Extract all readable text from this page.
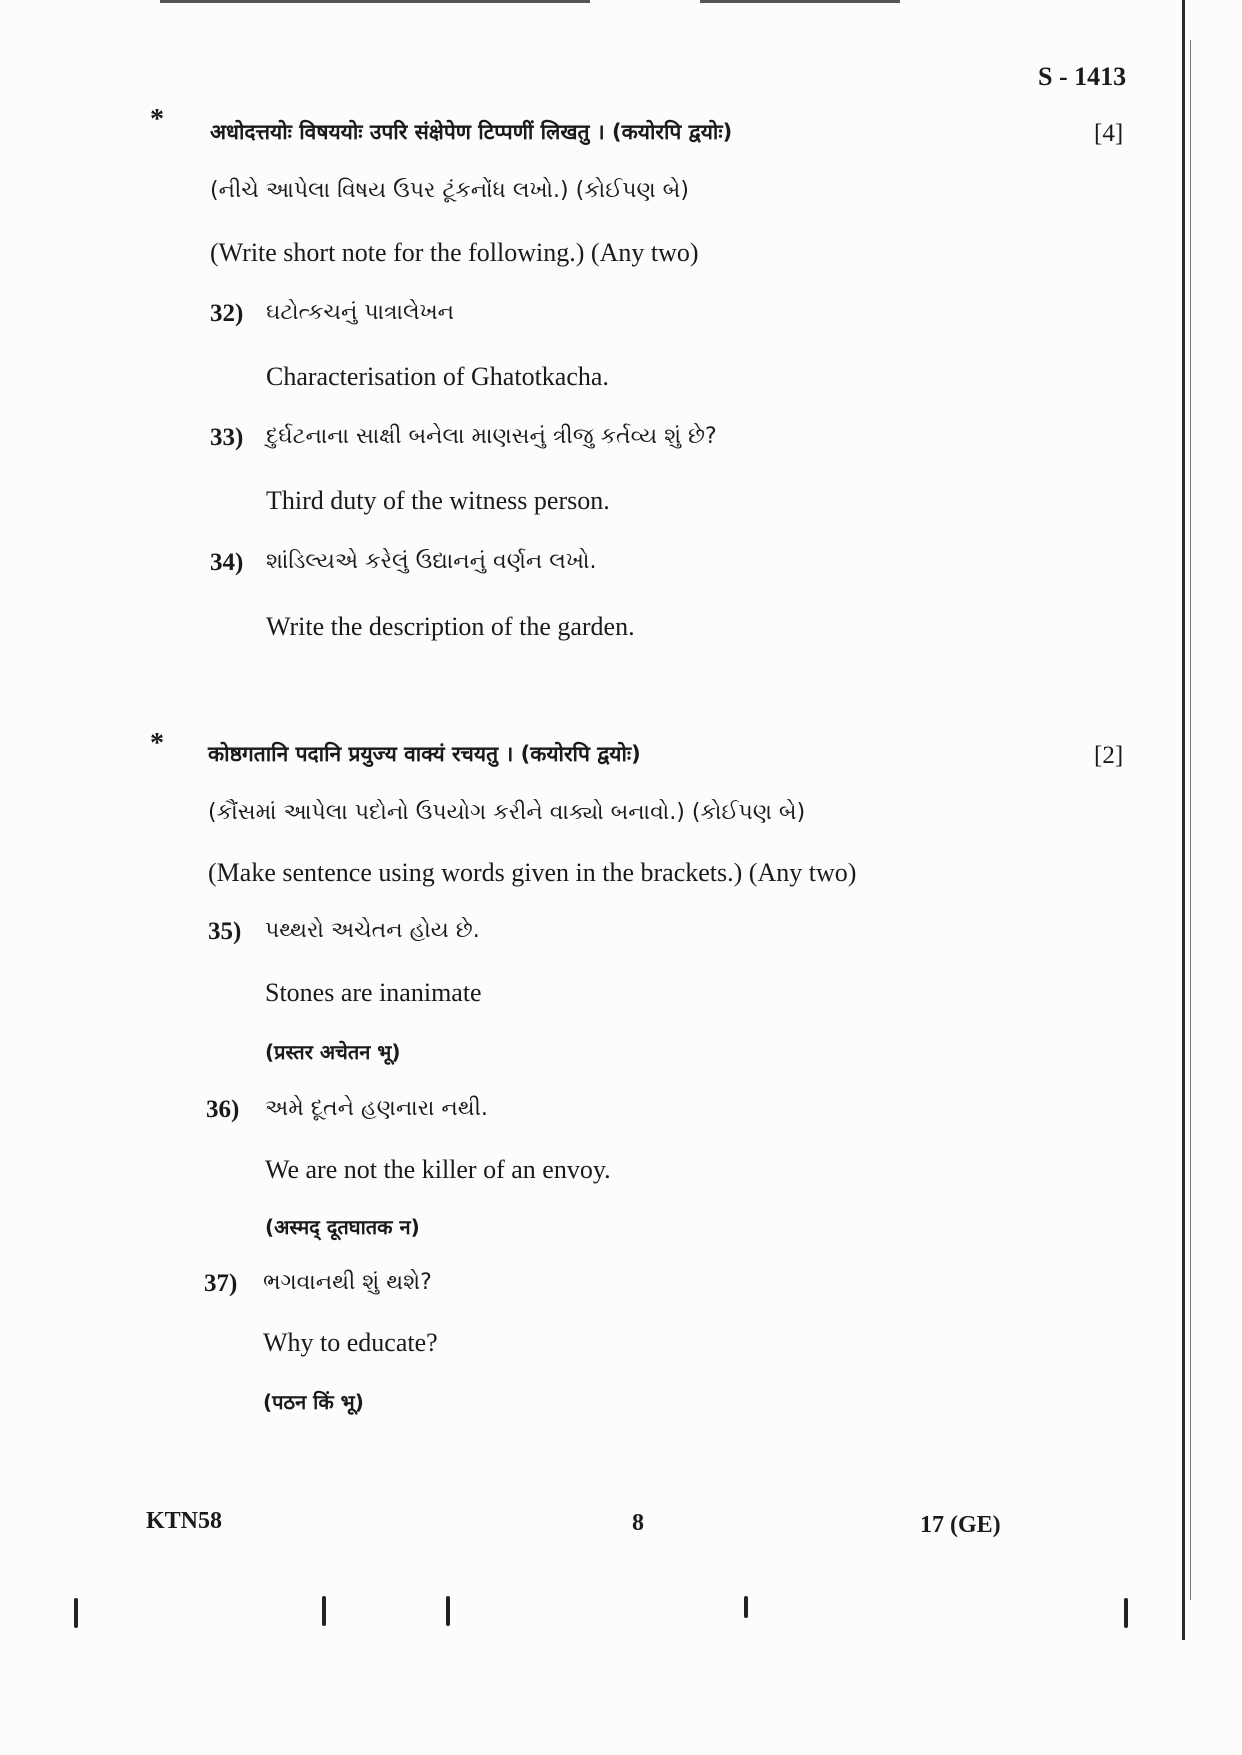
S - 1413
* अधोदत्तयोः विषययोः उपरि संक्षेपेण टिप्पणीं लिखतु । (कयोरपि द्वयोः)	[4]
(નીચે આપેલા વિષય ઉપર ટૂંકનોંધ લખો.) (કોઈપણ બે)
(Write short note for the following.) (Any two)
32) ઘટોત્કચનું પાત્રાલેખન
Characterisation of Ghatotkacha.
33) દુર્ઘટનાના સાક્ષી બનેલા માણસનું ત્રીજુ કર્તવ્ય શું છે?
Third duty of the witness person.
34) શાંડિલ્યએ કરેલું ઉદ્યાનનું વર્ણન લખો.
Write the description of the garden.
* कोष्ठगतानि पदानि प्रयुज्य वाक्यं रचयतु । (कयोरपि द्वयोः)	[2]
(કૌંસમાં આપેલા પદોનો ઉપયોગ કરીને વાક્યો બનાવો.) (કોઈપણ બે)
(Make sentence using words given in the brackets.) (Any two)
35) પથ્થરો અચેતન હોય છે.
Stones are inanimate
(प्रस्तर अचेतन भू)
36) અમે દૂતને હણનારા નથી.
We are not the killer of an envoy.
(अस्मद् दूतघातक न)
37) ભગવાનથી શું થશે?
Why to educate?
(पठन किं भू)
KTN58	8	17 (GE)
